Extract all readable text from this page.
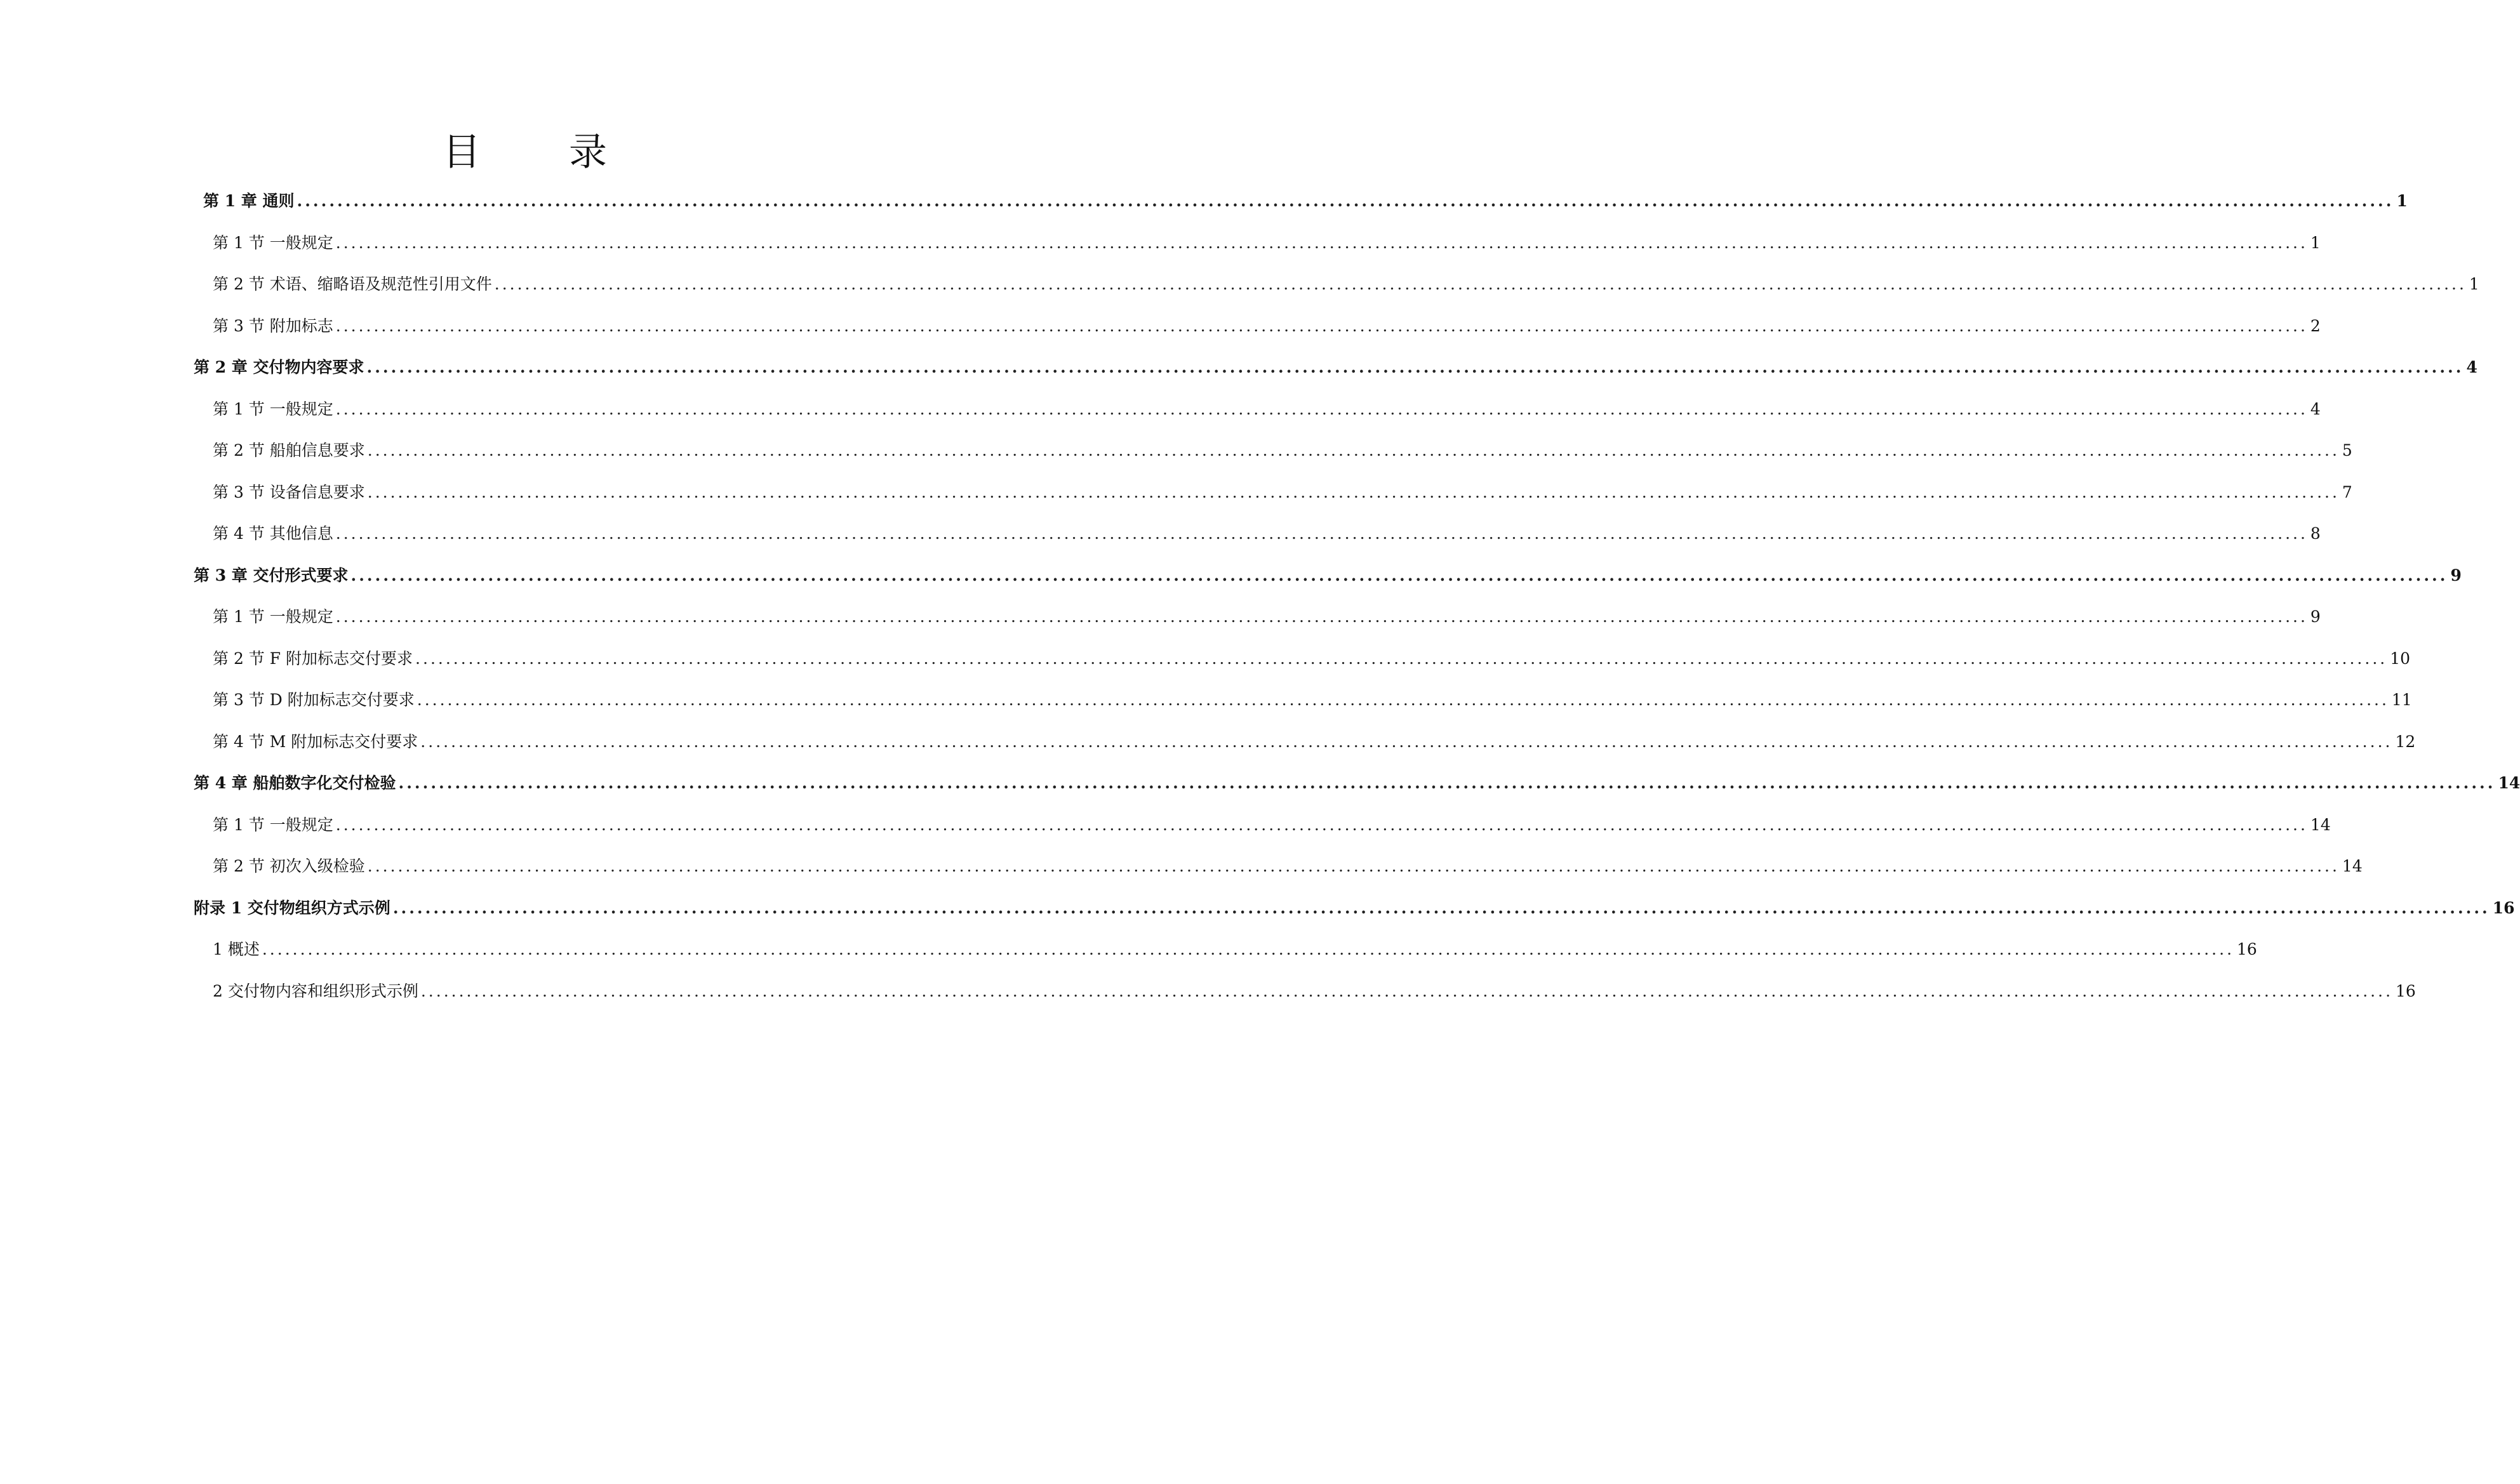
目 录
第 1 章 通则 .................................................................................................................................................................................................................................................................... 1
第 1 节 一般规定 .................................................................................................................................................................................................................................................................... 1
第 2 节 术语、缩略语及规范性引用文件 .................................................................................................................................................................................................................................................................... 1
第 3 节 附加标志 .................................................................................................................................................................................................................................................................... 2
第 2 章 交付物内容要求 .................................................................................................................................................................................................................................................................... 4
第 1 节 一般规定 .................................................................................................................................................................................................................................................................... 4
第 2 节 船舶信息要求 .................................................................................................................................................................................................................................................................... 5
第 3 节 设备信息要求 .................................................................................................................................................................................................................................................................... 7
第 4 节 其他信息 .................................................................................................................................................................................................................................................................... 8
第 3 章 交付形式要求 .................................................................................................................................................................................................................................................................... 9
第 1 节 一般规定 .................................................................................................................................................................................................................................................................... 9
第 2 节 F 附加标志交付要求 .................................................................................................................................................................................................................................................................... 10
第 3 节 D 附加标志交付要求 .................................................................................................................................................................................................................................................................... 11
第 4 节 M 附加标志交付要求 .................................................................................................................................................................................................................................................................... 12
第 4 章 船舶数字化交付检验 .................................................................................................................................................................................................................................................................... 14
第 1 节 一般规定 .................................................................................................................................................................................................................................................................... 14
第 2 节 初次入级检验 .................................................................................................................................................................................................................................................................... 14
附录 1 交付物组织方式示例 .................................................................................................................................................................................................................................................................... 16
1 概述 .................................................................................................................................................................................................................................................................... 16
2 交付物内容和组织形式示例 .................................................................................................................................................................................................................................................................... 16
